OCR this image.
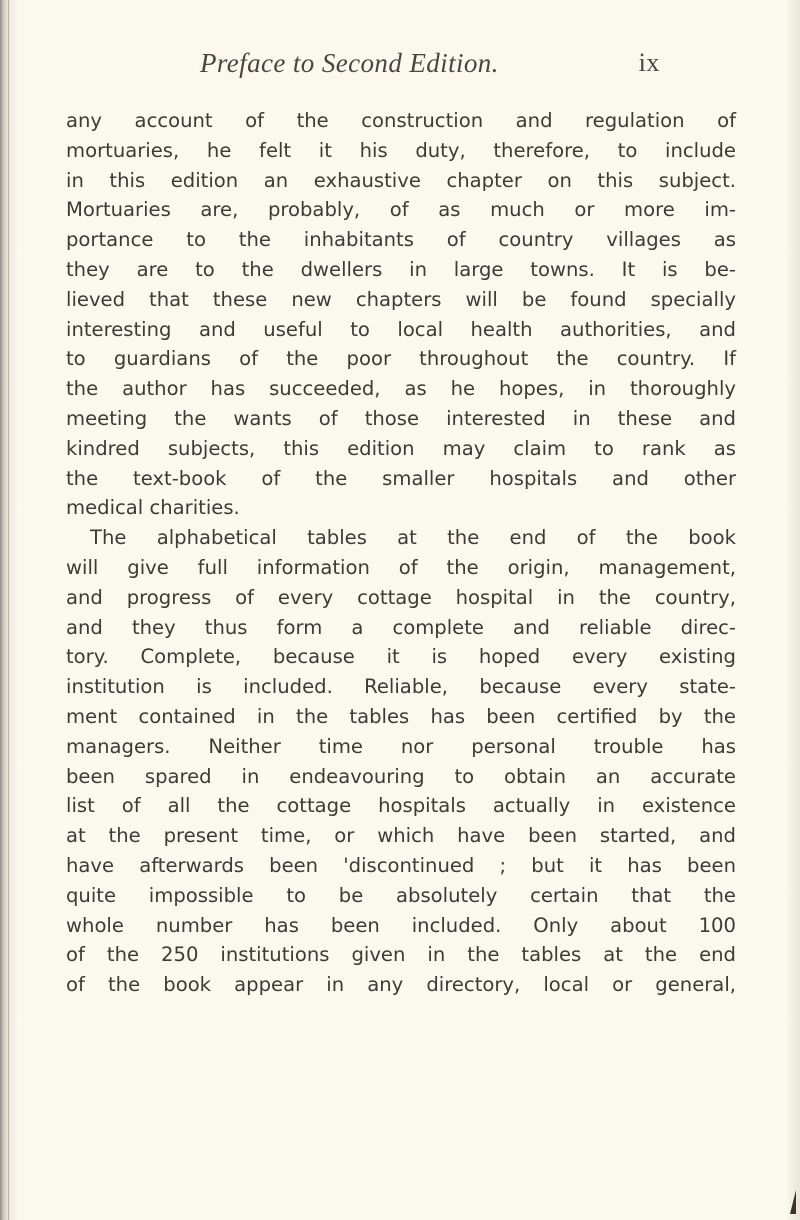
Preface to Second Edition.	ix
any account of the construction and regulation of
mortuaries, he felt it his duty, therefore, to include
in this edition an exhaustive chapter on this subject.
Mortuaries are, probably, of as much or more im-
portance to the inhabitants of country villages as
they are to the dwellers in large towns. It is be-
lieved that these new chapters will be found specially
interesting and useful to local health authorities, and
to guardians of the poor throughout the country. If
the author has succeeded, as he hopes, in thoroughly
meeting the wants of those interested in these and
kindred subjects, this edition may claim to rank as
the text-book of the smaller hospitals and other
medical charities.
The alphabetical tables at the end of the book
will give full information of the origin, management,
and progress of every cottage hospital in the country,
and they thus form a complete and reliable direc-
tory. Complete, because it is hoped every existing
institution is included. Reliable, because every state-
ment contained in the tables has been certified by the
managers. Neither time nor personal trouble has
been spared in endeavouring to obtain an accurate
list of all the cottage hospitals actually in existence
at the present time, or which have been started, and
have afterwards been 'discontinued ; but it has been
quite impossible to be absolutely certain that the
whole number has been included. Only about 100
of the 250 institutions given in the tables at the end
of the book appear in any directory, local or general,
